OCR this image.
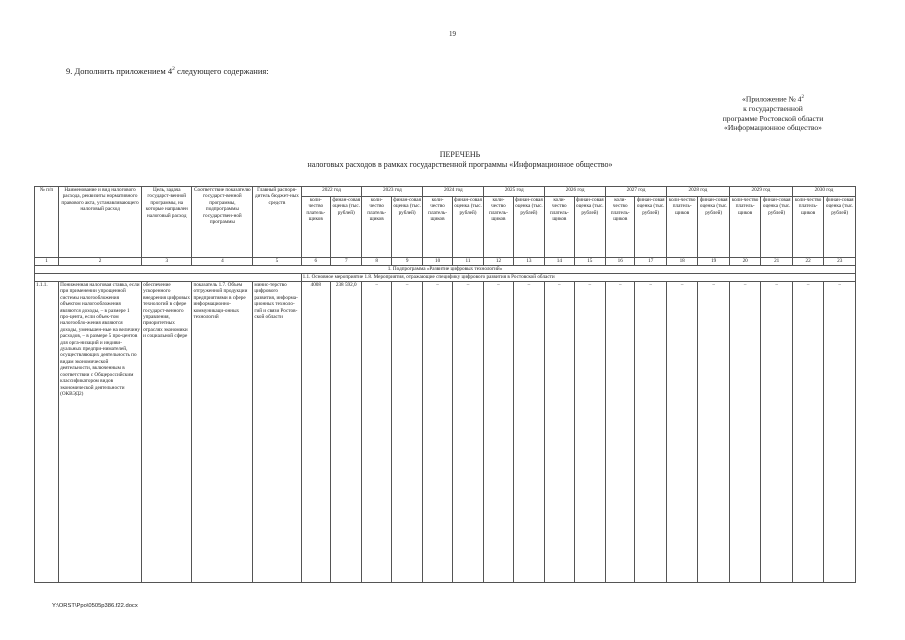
19
9. Дополнить приложением $4^2$ следующего содержания:
«Приложение № $4^2$
к государственной
программе Ростовской области
«Информационное общество»
ПЕРЕЧЕНЬ
налоговых расходов в рамках государственной программы «Информационное общество»
№ п/п	Наименование и вид налогового расхода, реквизиты нормативного правового акта, устанавливающего налоговый расход	Цель, задача государст-венной программы, на которые направлен налоговый расход	Соответствие показателю государст-венной программы, подпрограммы государствен-ной программы	Главный распоря-дитель бюджет-ных средств	2022 год		2023 год		2024 год		2025 год		2026 год		2027 год		2028 год		2029 год		2030 год	
					коли-чество платель-щиков	финан-совая оценка (тыс. рублей)	коли-чество платель-щиков	финан-совая оценка (тыс. рублей)	коли-чество платель-щиков	финан-совая оценка (тыс. рублей)	коли-чество платель-щиков	финан-совая оценка (тыс. рублей)	коли-чество платель-щиков	финан-совая оценка (тыс. рублей)	коли-чество платель-щиков	финан-совая оценка (тыс. рублей)	коли-чество платель-щиков	финан-совая оценка (тыс. рублей)	коли-чество платель-щиков	финан-совая оценка (тыс. рублей)	коли-чество платель-щиков	финан-совая оценка (тыс. рублей)
1	2	3	4	5	6	7	8	9	10	11	12	13	14	15	16	17	18	19	20	21	22	23
1. Подпрограмма «Развитие цифровых технологий»																						
					1.1. Основное мероприятие 1.8. Мероприятия, отражающие специфику цифрового развития в Ростовской области																	
1.1.1.	Пониженная налоговая ставка, если при применении упрощенной системы налогообложения объектом налогообложения являются доходы, – в размере 1 про-цента, если объек-том налогообло-жения являются доходы, уменьшен-ные на величину расходов, – в размере 5 про-центов для орга-низаций и индиви-дуальных предпри-нимателей, осуществляющих деятельность по видам экономической деятельности, включенным в соответствии с Общероссийским классификатором видов экономической деятельности (ОКВЭД2)	обеспечение ускоренного внедрения цифровых технологий в сфере государст-венного управления, приоритетных отраслях экономики и социальной сфере	показатель 1.7. Объем отгруженной продукции предприятиями в сфере информационно-коммуникаци-онных технологий	минис-терство цифрового развития, информа-ционных техноло-гий и связи Ростов-ской области	4008	238 592,0	–	–	–	–	–	–	–	–	–	–	–	–	–	–	–	–
Y:\ORST\Ppo\0505p386.f22.docx
